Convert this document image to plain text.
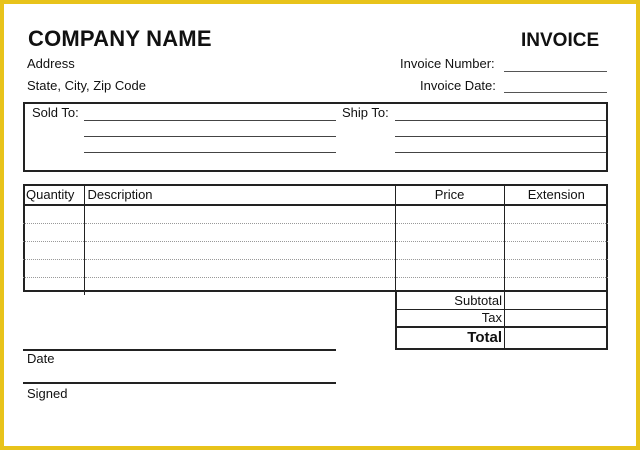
COMPANY NAME
Address
State, City, Zip Code
INVOICE
Invoice Number:
Invoice Date:
Sold To:	Ship To:
Quantity	Description	Price	Extension

Subtotal
Tax
Total
Date
Signed
